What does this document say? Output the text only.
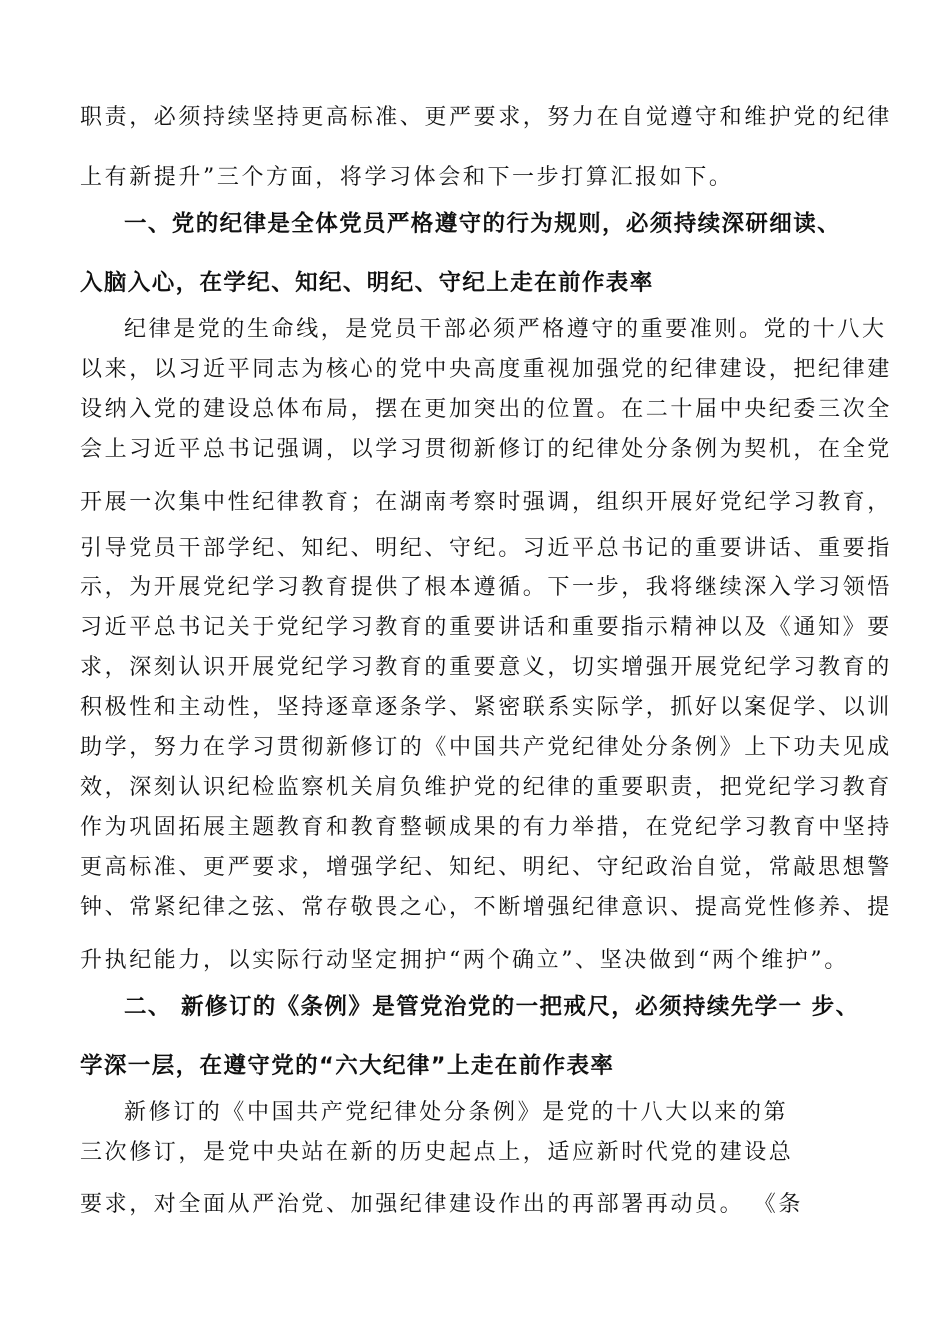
职责，必须持续坚持更高标准、更严要求，努力在自觉遵守和维护党的纪律
上有新提升”三个方面，将学习体会和下一步打算汇报如下。
一、党的纪律是全体党员严格遵守的行为规则，必须持续深研细读、
入脑入心，在学纪、知纪、明纪、守纪上走在前作表率
纪律是党的生命线，是党员干部必须严格遵守的重要准则。党的十八大
以来，以习近平同志为核心的党中央高度重视加强党的纪律建设，把纪律建
设纳入党的建设总体布局，摆在更加突出的位置。在二十届中央纪委三次全
会上习近平总书记强调，以学习贯彻新修订的纪律处分条例为契机，在全党
开展一次集中性纪律教育；在湖南考察时强调，组织开展好党纪学习教育，
引导党员干部学纪、知纪、明纪、守纪。习近平总书记的重要讲话、重要指
示，为开展党纪学习教育提供了根本遵循。下一步，我将继续深入学习领悟
习近平总书记关于党纪学习教育的重要讲话和重要指示精神以及《通知》要
求，深刻认识开展党纪学习教育的重要意义，切实增强开展党纪学习教育的
积极性和主动性，坚持逐章逐条学、紧密联系实际学，抓好以案促学、以训
助学，努力在学习贯彻新修订的《中国共产党纪律处分条例》上下功夫见成
效，深刻认识纪检监察机关肩负维护党的纪律的重要职责，把党纪学习教育
作为巩固拓展主题教育和教育整顿成果的有力举措，在党纪学习教育中坚持
更高标准、更严要求，增强学纪、知纪、明纪、守纪政治自觉，常敲思想警
钟、常紧纪律之弦、常存敬畏之心，不断增强纪律意识、提高党性修养、提
升执纪能力，以实际行动坚定拥护“两个确立”、坚决做到“两个维护”。
二、 新修订的《条例》是管党治党的一把戒尺，必须持续先学一 步、
学深一层，在遵守党的“六大纪律”上走在前作表率
新修订的《中国共产党纪律处分条例》是党的十八大以来的第
三次修订，是党中央站在新的历史起点上，适应新时代党的建设总
要求，对全面从严治党、加强纪律建设作出的再部署再动员。 《条
